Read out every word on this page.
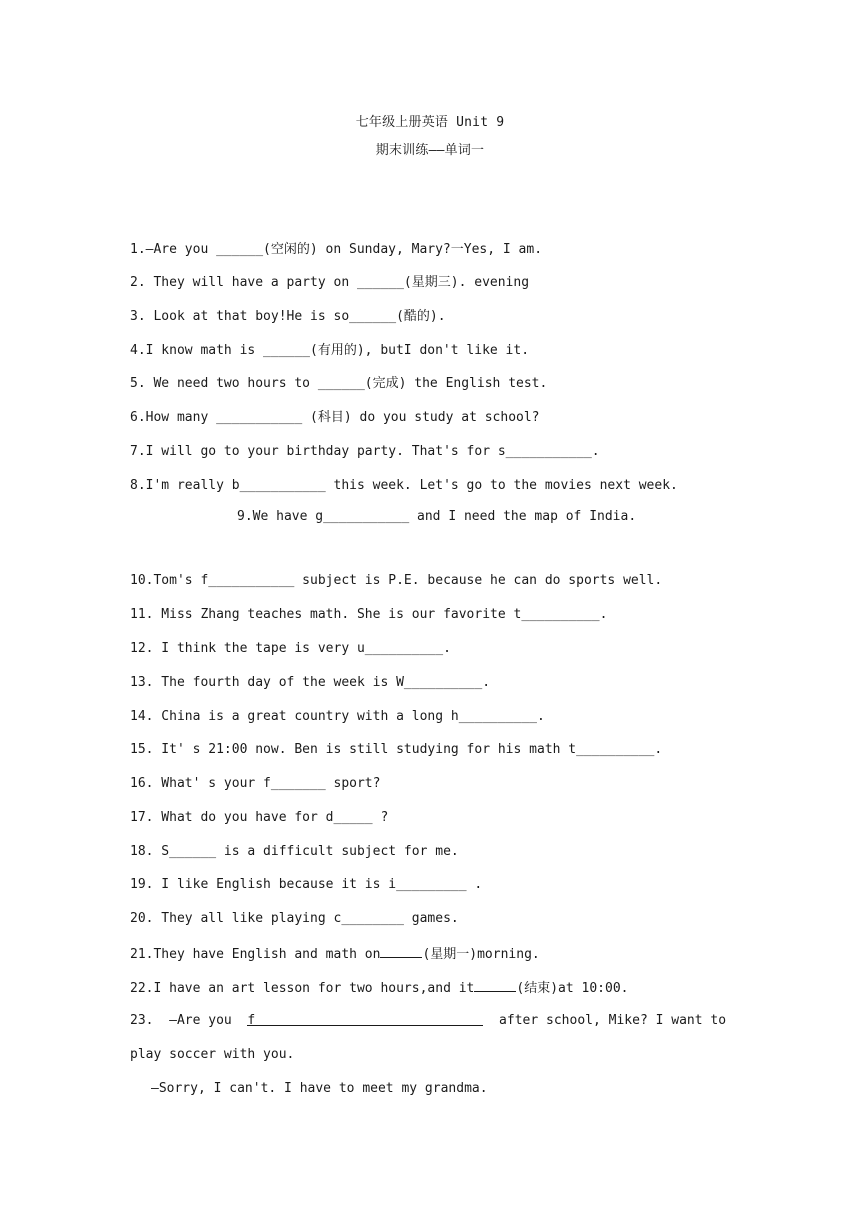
七年级上册英语 Unit 9
期末训练——单词一
1.—Are you ______(空闲的) on Sunday, Mary?一Yes, I am.
2. They will have a party on ______(星期三). evening
3. Look at that boy!He is so______(酷的).
4.I know math is ______(有用的), butI don't like it.
5. We need two hours to ______(完成) the English test.
6.How many ___________ (科目) do you study at school?
7.I will go to your birthday party. That's for s___________.
8.I'm really b___________ this week. Let's go to the movies next week.
9.We have g___________ and I need the map of India.
10.Tom's f___________ subject is P.E. because he can do sports well.
11. Miss Zhang teaches math. She is our favorite t__________.
12. I think the tape is very u__________.
13. The fourth day of the week is W__________.
14. China is a great country with a long h__________.
15. It' s 21:00 now. Ben is still studying for his math t__________.
16. What' s your f_______ sport?
17. What do you have for d_____ ?
18. S______ is a difficult subject for me.
19. I like English because it is i_________ .
20. They all like playing c________ games.
21.They have English and math on	(星期一)morning.
22.I have an art lesson for two hours,and it	(结束)at 10:00.
23.  —Are you  f	after school, Mike? I want to
play soccer with you.
—Sorry, I can't. I have to meet my grandma.
